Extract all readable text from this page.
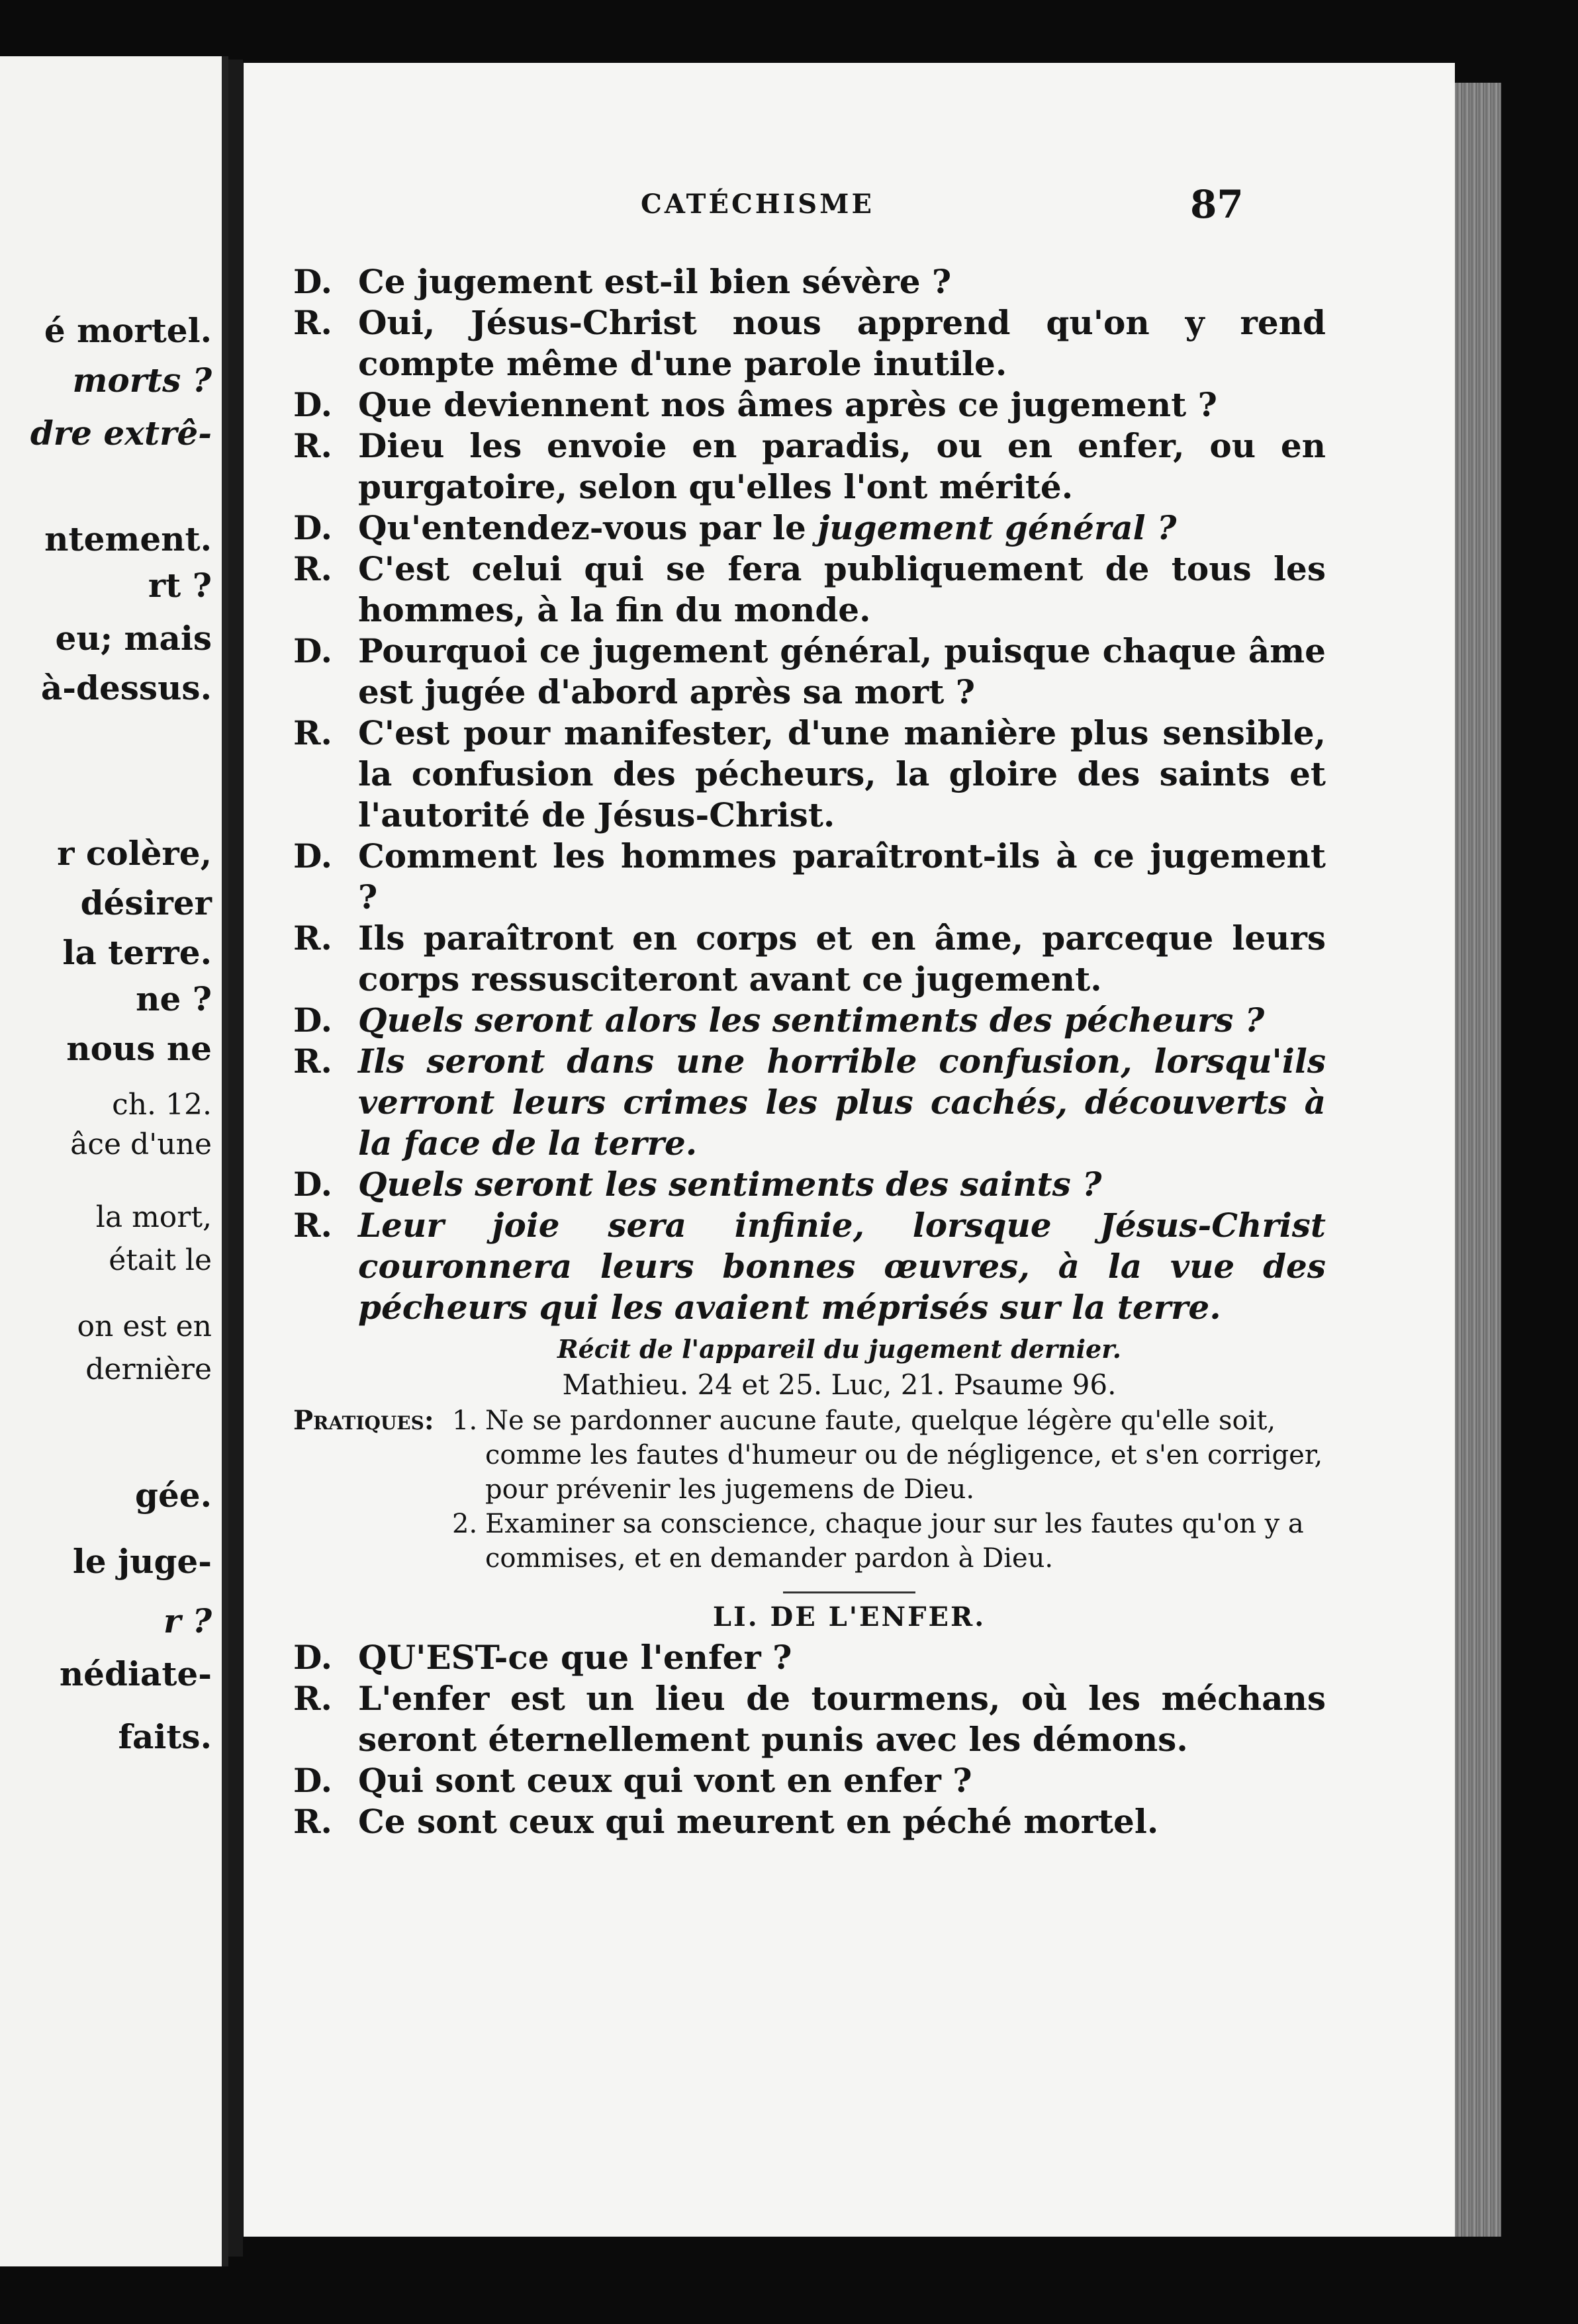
é mortel.
morts ?
dre extrê-
ntement.
rt ?
eu; mais
à-dessus.
r colère,
désirer
la terre.
ne ?
nous ne
ch. 12.
âce d'une
la mort,
était le
on est en
dernière
gée.
le juge-
r ?
nédiate-
faits.
CATÉCHISME	87
D. Ce jugement est-il bien sévère ?
R. Oui, Jésus-Christ nous apprend qu'on y rend compte même d'une parole inutile.
D. Que deviennent nos âmes après ce jugement ?
R. Dieu les envoie en paradis, ou en enfer, ou en purgatoire, selon qu'elles l'ont mérité.
D. Qu'entendez-vous par le jugement général ?
R. C'est celui qui se fera publiquement de tous les hommes, à la fin du monde.
D. Pourquoi ce jugement général, puisque chaque âme est jugée d'abord après sa mort ?
R. C'est pour manifester, d'une manière plus sensible, la confusion des pécheurs, la gloire des saints et l'autorité de Jésus-Christ.
D. Comment les hommes paraîtront-ils à ce jugement ?
R. Ils paraîtront en corps et en âme, parceque leurs corps ressusciteront avant ce jugement.
D. Quels seront alors les sentiments des pécheurs ?
R. Ils seront dans une horrible confusion, lorsqu'ils verront leurs crimes les plus cachés, découverts à la face de la terre.
D. Quels seront les sentiments des saints ?
R. Leur joie sera infinie, lorsque Jésus-Christ couronnera leurs bonnes œuvres, à la vue des pécheurs qui les avaient méprisés sur la terre.
Récit de l'appareil du jugement dernier.
Mathieu. 24 et 25. Luc, 21. Psaume 96.
Pratiques: 1. Ne se pardonner aucune faute, quelque légère qu'elle soit, comme les fautes d'humeur ou de négligence, et s'en corriger, pour prévenir les jugemens de Dieu.
2. Examiner sa conscience, chaque jour sur les fautes qu'on y a commises, et en demander pardon à Dieu.
LI. DE L'ENFER.
D. QU'EST-ce que l'enfer ?
R. L'enfer est un lieu de tourmens, où les méchans seront éternellement punis avec les démons.
D. Qui sont ceux qui vont en enfer ?
R. Ce sont ceux qui meurent en péché mortel.
